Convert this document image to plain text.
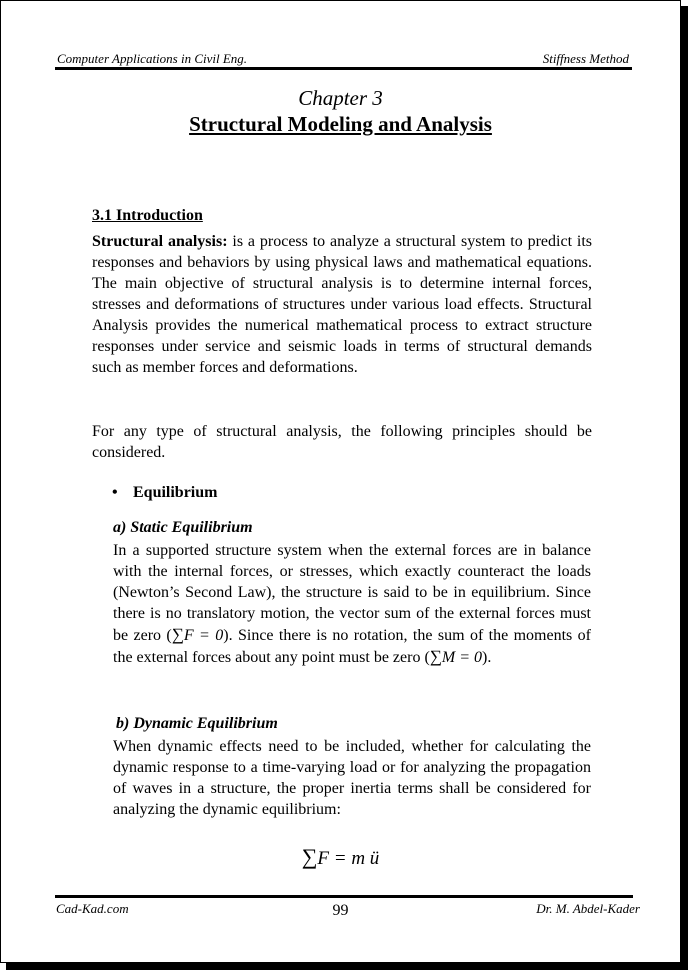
Computer Applications in Civil Eng.	Stiffness Method
Chapter 3
Structural Modeling and Analysis
3.1 Introduction

Structural analysis: is a process to analyze a structural system to predict its responses and behaviors by using physical laws and mathematical equations. The main objective of structural analysis is to determine internal forces, stresses and deformations of structures under various load effects. Structural Analysis provides the numerical mathematical process to extract structure responses under service and seismic loads in terms of structural demands such as member forces and deformations.

For any type of structural analysis, the following principles should be considered.

• Equilibrium
a) Static Equilibrium

In a supported structure system when the external forces are in balance with the internal forces, or stresses, which exactly counteract the loads (Newton’s Second Law), the structure is said to be in equilibrium. Since there is no translatory motion, the vector sum of the external forces must be zero (∑F = 0). Since there is no rotation, the sum of the moments of the external forces about any point must be zero (∑M = 0).

b) Dynamic Equilibrium

When dynamic effects need to be included, whether for calculating the dynamic response to a time-varying load or for analyzing the propagation of waves in a structure, the proper inertia terms shall be considered for analyzing the dynamic equilibrium:

∑F = m ü
Cad-Kad.com	99	Dr. M. Abdel-Kader
